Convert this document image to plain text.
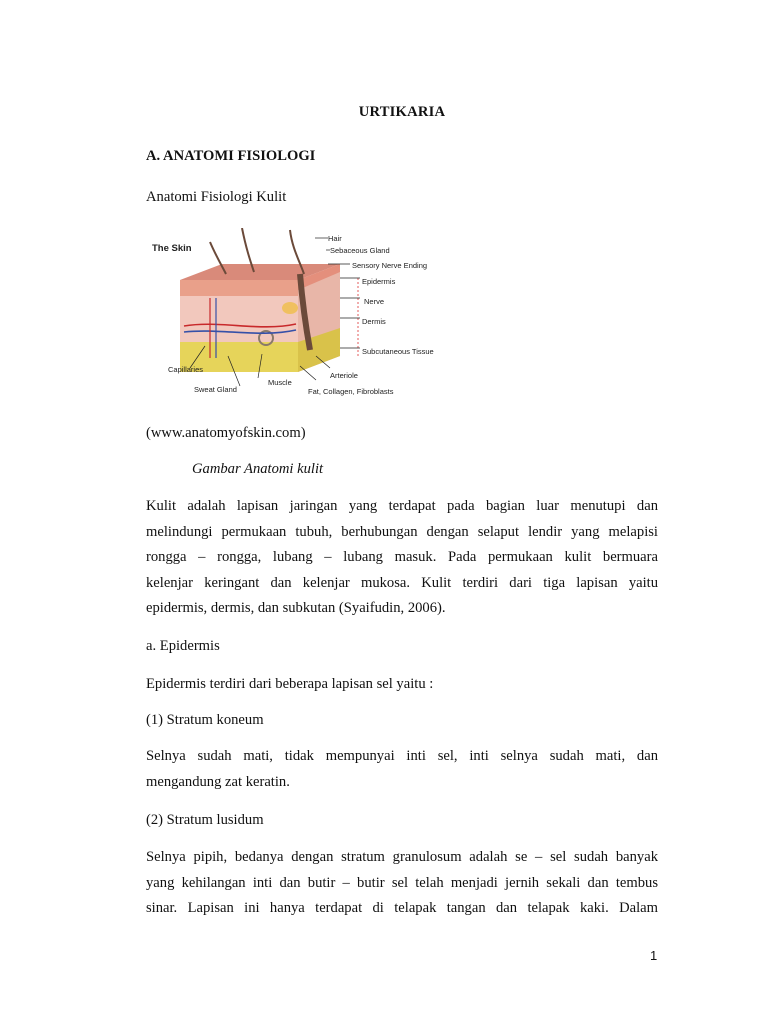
URTIKARIA
A. ANATOMI FISIOLOGI
Anatomi Fisiologi Kulit
The Skin
Hair
Sebaceous Gland
Sensory Nerve Ending
Epidermis
Nerve
Dermis
Subcutaneous Tissue
Capillaries
Arteriole
Sweat Gland
Muscle
Fat, Collagen, Fibroblasts
(www.anatomyofskin.com)
Gambar Anatomi kulit
Kulit adalah lapisan jaringan yang terdapat pada bagian luar menutupi dan
melindungi permukaan tubuh, berhubungan dengan selaput lendir yang melapisi
rongga – rongga, lubang – lubang masuk. Pada permukaan kulit bermuara
kelenjar keringant dan kelenjar mukosa. Kulit terdiri dari tiga lapisan yaitu
epidermis, dermis, dan subkutan (Syaifudin, 2006).
a. Epidermis
Epidermis terdiri dari beberapa lapisan sel yaitu :
(1) Stratum koneum
Selnya sudah mati, tidak mempunyai inti sel, inti selnya sudah mati, dan
mengandung zat keratin.
(2) Stratum lusidum
Selnya pipih, bedanya dengan stratum granulosum adalah se – sel sudah banyak
yang kehilangan inti dan butir – butir sel telah menjadi jernih sekali dan tembus
sinar. Lapisan ini hanya terdapat di telapak tangan dan telapak kaki. Dalam
1
